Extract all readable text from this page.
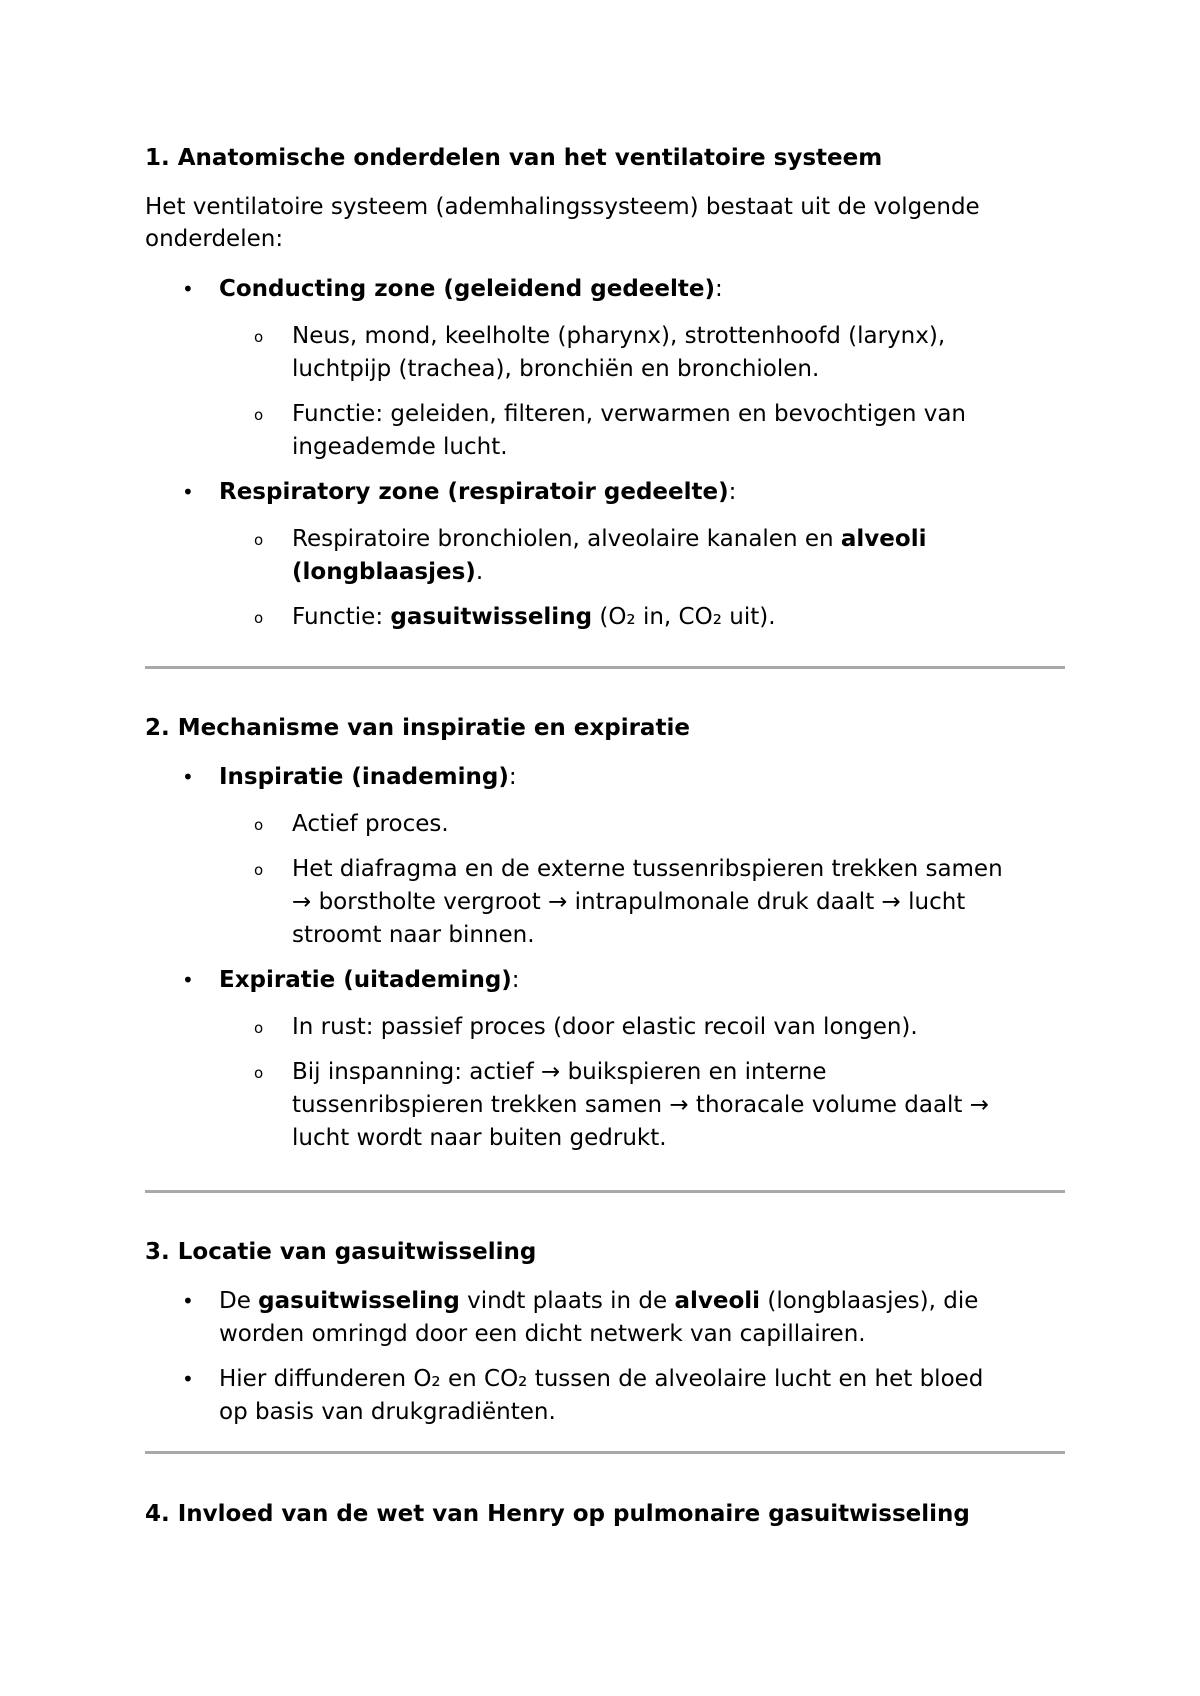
1. Anatomische onderdelen van het ventilatoire systeem

Het ventilatoire systeem (ademhalingssysteem) bestaat uit de volgende
onderdelen:

• Conducting zone (geleidend gedeelte):
o Neus, mond, keelholte (pharynx), strottenhoofd (larynx),
luchtpijp (trachea), bronchiën en bronchiolen.
o Functie: geleiden, filteren, verwarmen en bevochtigen van
ingeademde lucht.
• Respiratory zone (respiratoir gedeelte):
o Respiratoire bronchiolen, alveolaire kanalen en alveoli
(longblaasjes).
o Functie: gasuitwisseling (O₂ in, CO₂ uit).
2. Mechanisme van inspiratie en expiratie
• Inspiratie (inademing):
o Actief proces.
o Het diafragma en de externe tussenribspieren trekken samen
→ borstholte vergroot → intrapulmonale druk daalt → lucht
stroomt naar binnen.
• Expiratie (uitademing):
o In rust: passief proces (door elastic recoil van longen).
o Bij inspanning: actief → buikspieren en interne
tussenribspieren trekken samen → thoracale volume daalt →
lucht wordt naar buiten gedrukt.
3. Locatie van gasuitwisseling
• De gasuitwisseling vindt plaats in de alveoli (longblaasjes), die
worden omringd door een dicht netwerk van capillairen.
• Hier diffunderen O₂ en CO₂ tussen de alveolaire lucht en het bloed
op basis van drukgradiënten.
4. Invloed van de wet van Henry op pulmonaire gasuitwisseling
